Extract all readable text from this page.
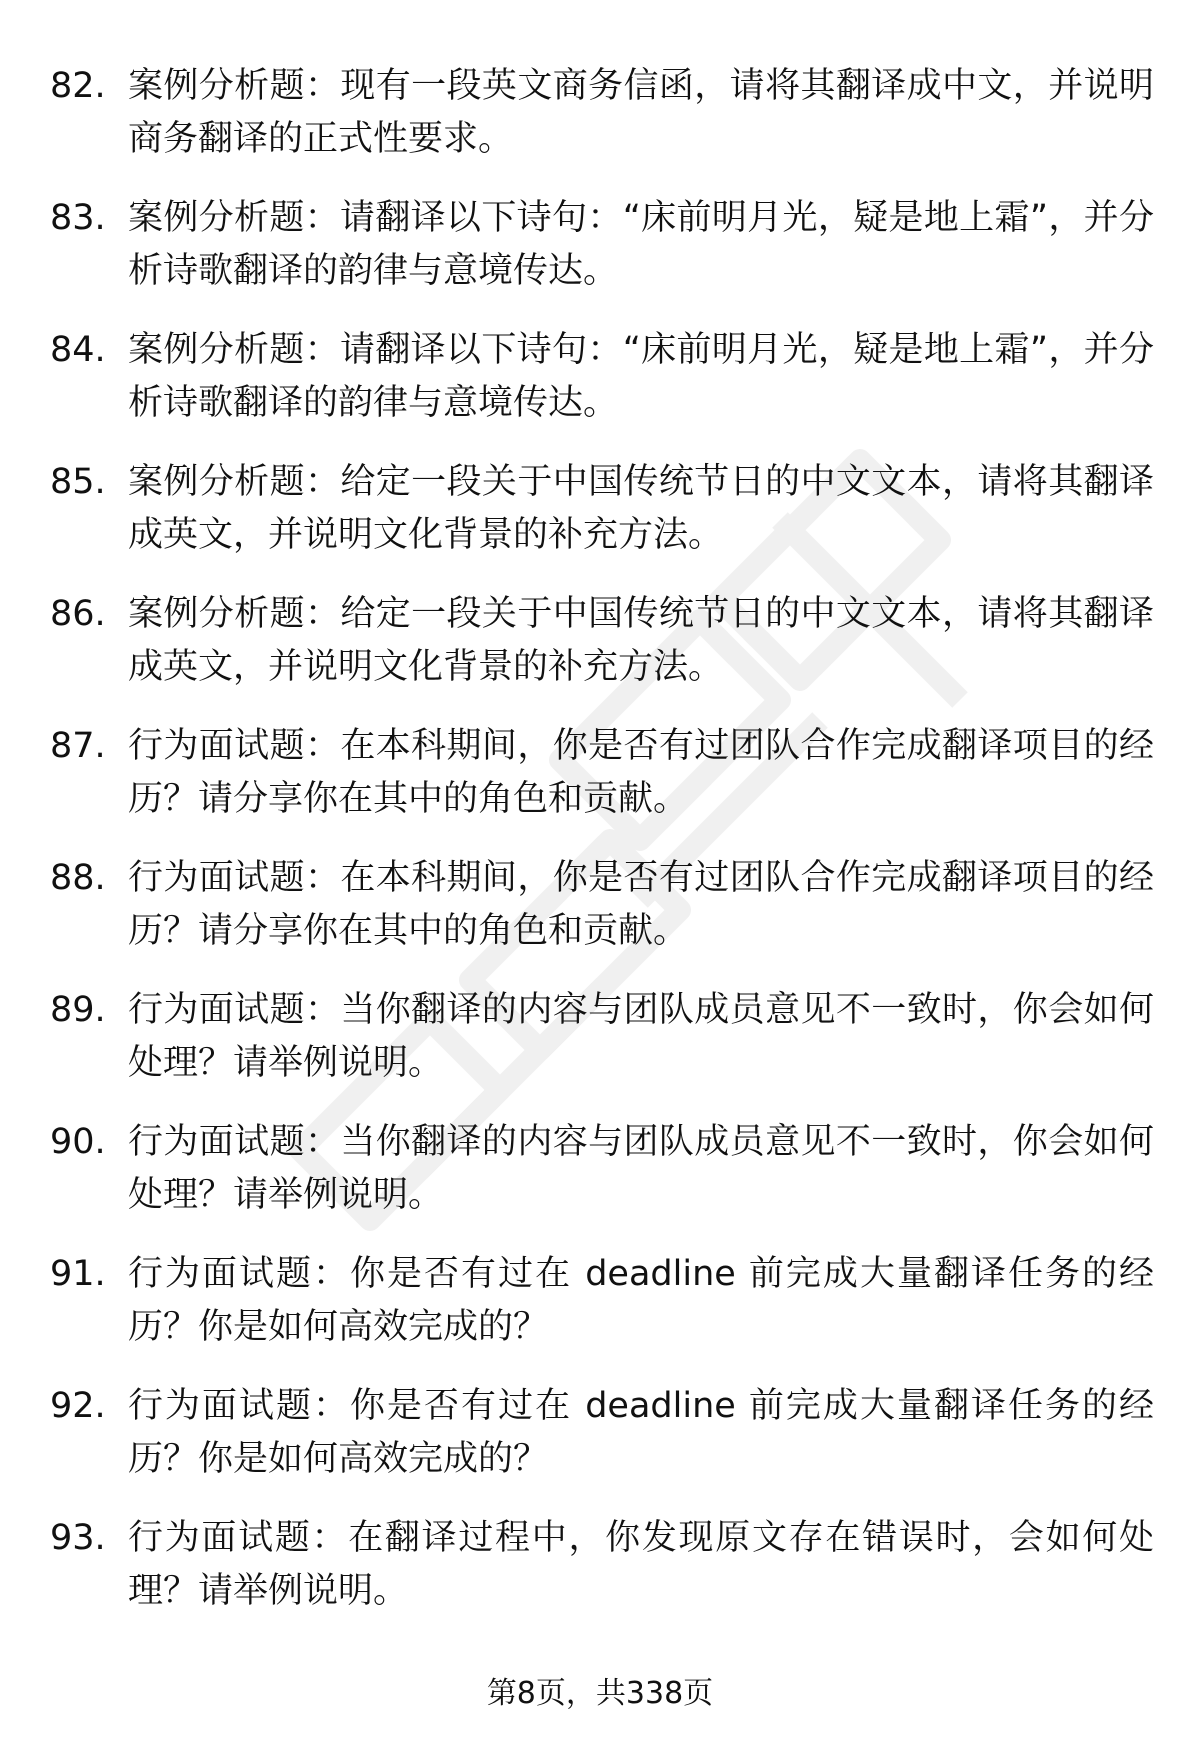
82. 案例分析题：现有一段英文商务信函，请将其翻译成中文，并说明商务翻译的正式性要求。
83. 案例分析题：请翻译以下诗句：“床前明月光，疑是地上霜”，并分析诗歌翻译的韵律与意境传达。
84. 案例分析题：请翻译以下诗句：“床前明月光，疑是地上霜”，并分析诗歌翻译的韵律与意境传达。
85. 案例分析题：给定一段关于中国传统节日的中文文本，请将其翻译成英文，并说明文化背景的补充方法。
86. 案例分析题：给定一段关于中国传统节日的中文文本，请将其翻译成英文，并说明文化背景的补充方法。
87. 行为面试题：在本科期间，你是否有过团队合作完成翻译项目的经历？请分享你在其中的角色和贡献。
88. 行为面试题：在本科期间，你是否有过团队合作完成翻译项目的经历？请分享你在其中的角色和贡献。
89. 行为面试题：当你翻译的内容与团队成员意见不一致时，你会如何处理？请举例说明。
90. 行为面试题：当你翻译的内容与团队成员意见不一致时，你会如何处理？请举例说明。
91. 行为面试题：你是否有过在 deadline 前完成大量翻译任务的经历？你是如何高效完成的？
92. 行为面试题：你是否有过在 deadline 前完成大量翻译任务的经历？你是如何高效完成的？
93. 行为面试题：在翻译过程中，你发现原文存在错误时，会如何处理？请举例说明。
第8页，共338页
